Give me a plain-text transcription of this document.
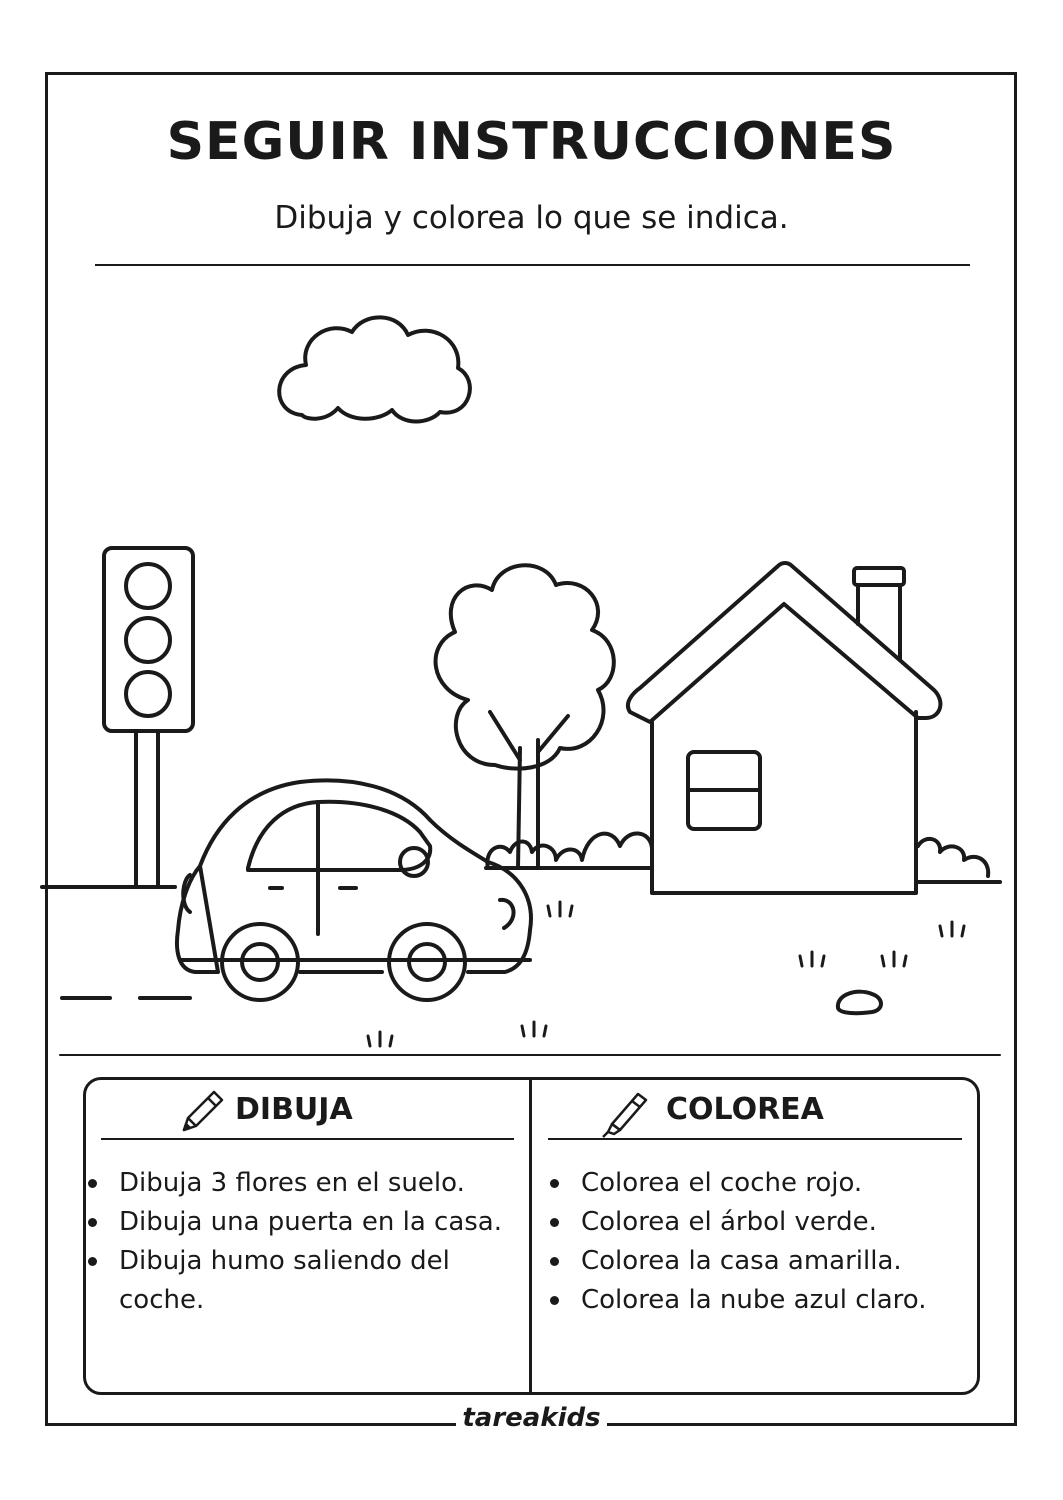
SEGUIR INSTRUCCIONES
Dibuja y colorea lo que se indica.
DIBUJA
Dibuja 3 flores en el suelo.
Dibuja una puerta en la casa.
Dibuja humo saliendo del coche.
COLOREA
Colorea el coche rojo.
Colorea el árbol verde.
Colorea la casa amarilla.
Colorea la nube azul claro.
tareakids
